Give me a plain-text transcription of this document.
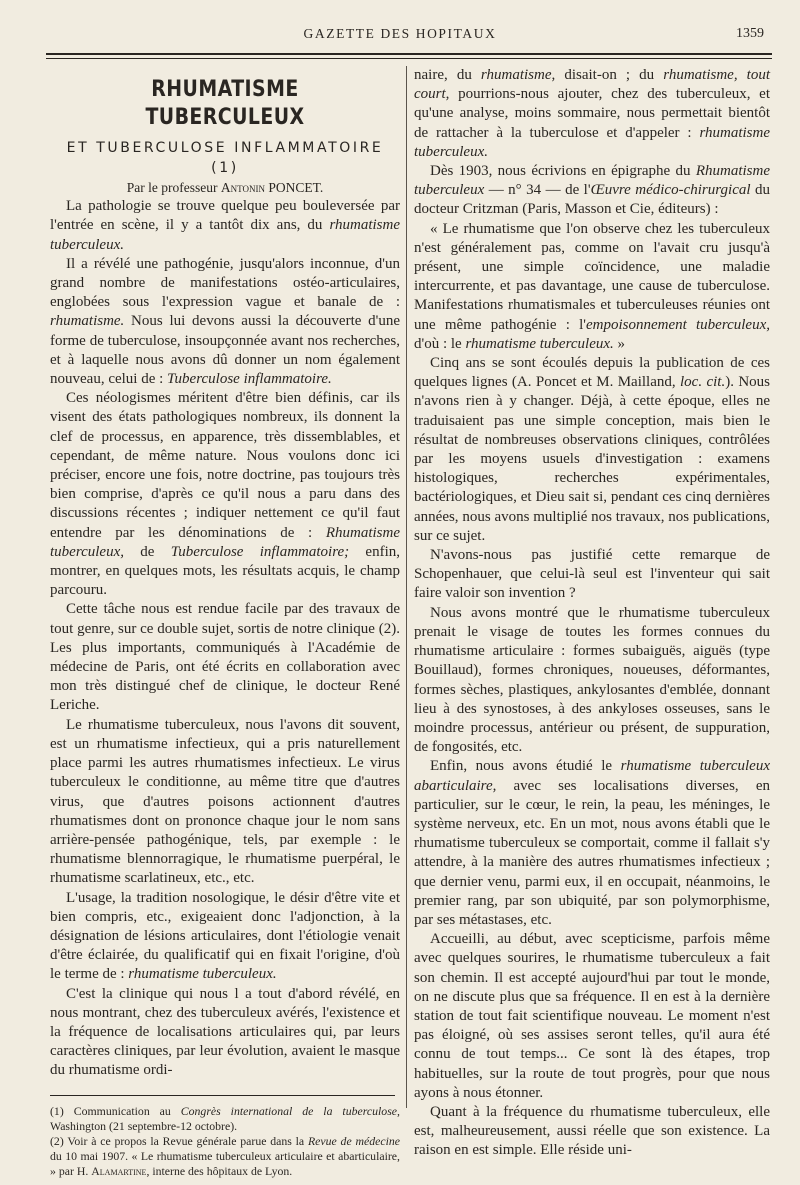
GAZETTE DES HOPITAUX	1359
RHUMATISME TUBERCULEUX
ET TUBERCULOSE INFLAMMATOIRE (1)

Par le professeur Antonin PONCET.

La pathologie se trouve quelque peu bouleversée par l'entrée en scène, il y a tantôt dix ans, du rhumatisme tuberculeux.

Il a révélé une pathogénie, jusqu'alors inconnue, d'un grand nombre de manifestations ostéo-articulaires, englobées sous l'expression vague et banale de : rhumatisme. Nous lui devons aussi la découverte d'une forme de tuberculose, insoupçonnée avant nos recherches, et à laquelle nous avons dû donner un nom également nouveau, celui de : Tuberculose inflammatoire.

Ces néologismes méritent d'être bien définis, car ils visent des états pathologiques nombreux, ils donnent la clef de processus, en apparence, très dissemblables, et cependant, de même nature. Nous voulons donc ici préciser, encore une fois, notre doctrine, pas toujours très bien comprise, d'après ce qu'il nous a paru dans des discussions récentes ; indiquer nettement ce qu'il faut entendre par les dénominations de : Rhumatisme tuberculeux, de Tuberculose inflammatoire; enfin, montrer, en quelques mots, les résultats acquis, le champ parcouru.

Cette tâche nous est rendue facile par des travaux de tout genre, sur ce double sujet, sortis de notre clinique (2). Les plus importants, communiqués à l'Académie de médecine de Paris, ont été écrits en collaboration avec mon très distingué chef de clinique, le docteur René Leriche.

Le rhumatisme tuberculeux, nous l'avons dit souvent, est un rhumatisme infectieux, qui a pris naturellement place parmi les autres rhumatismes infectieux. Le virus tuberculeux le conditionne, au même titre que d'autres virus, que d'autres poisons actionnent d'autres rhumatismes dont on prononce chaque jour le nom sans arrière-pensée pathogénique, tels, par exemple : le rhumatisme blennorragique, le rhumatisme puerpéral, le rhumatisme scarlatineux, etc., etc.

L'usage, la tradition nosologique, le désir d'être vite et bien compris, etc., exigeaient donc l'adjonction, à la désignation de lésions articulaires, dont l'étiologie venait d'être éclairée, du qualificatif qui en fixait l'origine, d'où le terme de : rhumatisme tuberculeux.

C'est la clinique qui nous l a tout d'abord révélé, en nous montrant, chez des tuberculeux avérés, l'existence et la fréquence de localisations articulaires qui, par leurs caractères cliniques, par leur évolution, avaient le masque du rhumatisme ordi-

(1) Communication au Congrès international de la tuberculose, Washington (21 septembre-12 octobre).

(2) Voir à ce propos la Revue générale parue dans la Revue de médecine du 10 mai 1907. « Le rhumatisme tuberculeux articulaire et abarticulaire, » par H. Alamartine, interne des hôpitaux de Lyon.

naire, du rhumatisme, disait-on ; du rhumatisme, tout court, pourrions-nous ajouter, chez des tuberculeux, et qu'une analyse, moins sommaire, nous permettait bientôt de rattacher à la tuberculose et d'appeler : rhumatisme tuberculeux.

Dès 1903, nous écrivions en épigraphe du Rhumatisme tuberculeux — n° 34 — de l'Œuvre médico-chirurgical du docteur Critzman (Paris, Masson et Cie, éditeurs) :

« Le rhumatisme que l'on observe chez les tuberculeux n'est généralement pas, comme on l'avait cru jusqu'à présent, une simple coïncidence, une maladie intercurrente, et pas davantage, une cause de tuberculose. Manifestations rhumatismales et tuberculeuses réunies ont une même pathogénie : l'empoisonnement tuberculeux, d'où : le rhumatisme tuberculeux. »

Cinq ans se sont écoulés depuis la publication de ces quelques lignes (A. Poncet et M. Mailland, loc. cit.). Nous n'avons rien à y changer. Déjà, à cette époque, elles ne traduisaient pas une simple conception, mais bien le résultat de nombreuses observations cliniques, contrôlées par les moyens usuels d'investigation : examens histologiques, recherches expérimentales, bactériologiques, et Dieu sait si, pendant ces cinq dernières années, nous avons multiplié nos travaux, nos publications, sur ce sujet.

N'avons-nous pas justifié cette remarque de Schopenhauer, que celui-là seul est l'inventeur qui sait faire valoir son invention ?

Nous avons montré que le rhumatisme tuberculeux prenait le visage de toutes les formes connues du rhumatisme articulaire : formes subaiguës, aiguës (type Bouillaud), formes chroniques, noueuses, déformantes, formes sèches, plastiques, ankylosantes d'emblée, donnant lieu à des synostoses, à des ankyloses osseuses, sans le moindre processus, antérieur ou présent, de suppuration, de fongosités, etc.

Enfin, nous avons étudié le rhumatisme tuberculeux abarticulaire, avec ses localisations diverses, en particulier, sur le cœur, le rein, la peau, les méninges, le système nerveux, etc. En un mot, nous avons établi que le rhumatisme tuberculeux se comportait, comme il fallait s'y attendre, à la manière des autres rhumatismes infectieux ; que dernier venu, parmi eux, il en occupait, néanmoins, le premier rang, par son ubiquité, par son polymorphisme, par ses métastases, etc.

Accueilli, au début, avec scepticisme, parfois même avec quelques sourires, le rhumatisme tuberculeux a fait son chemin. Il est accepté aujourd'hui par tout le monde, on ne discute plus que sa fréquence. Il en est à la dernière station de tout fait scientifique nouveau. Le moment n'est pas éloigné, où ses assises seront telles, qu'il aura été connu de tout temps... Ce sont là des étapes, trop habituelles, sur la route de tout progrès, pour que nous ayons à nous étonner.

Quant à la fréquence du rhumatisme tuberculeux, elle est, malheureusement, aussi réelle que son existence. La raison en est simple. Elle réside uni-
